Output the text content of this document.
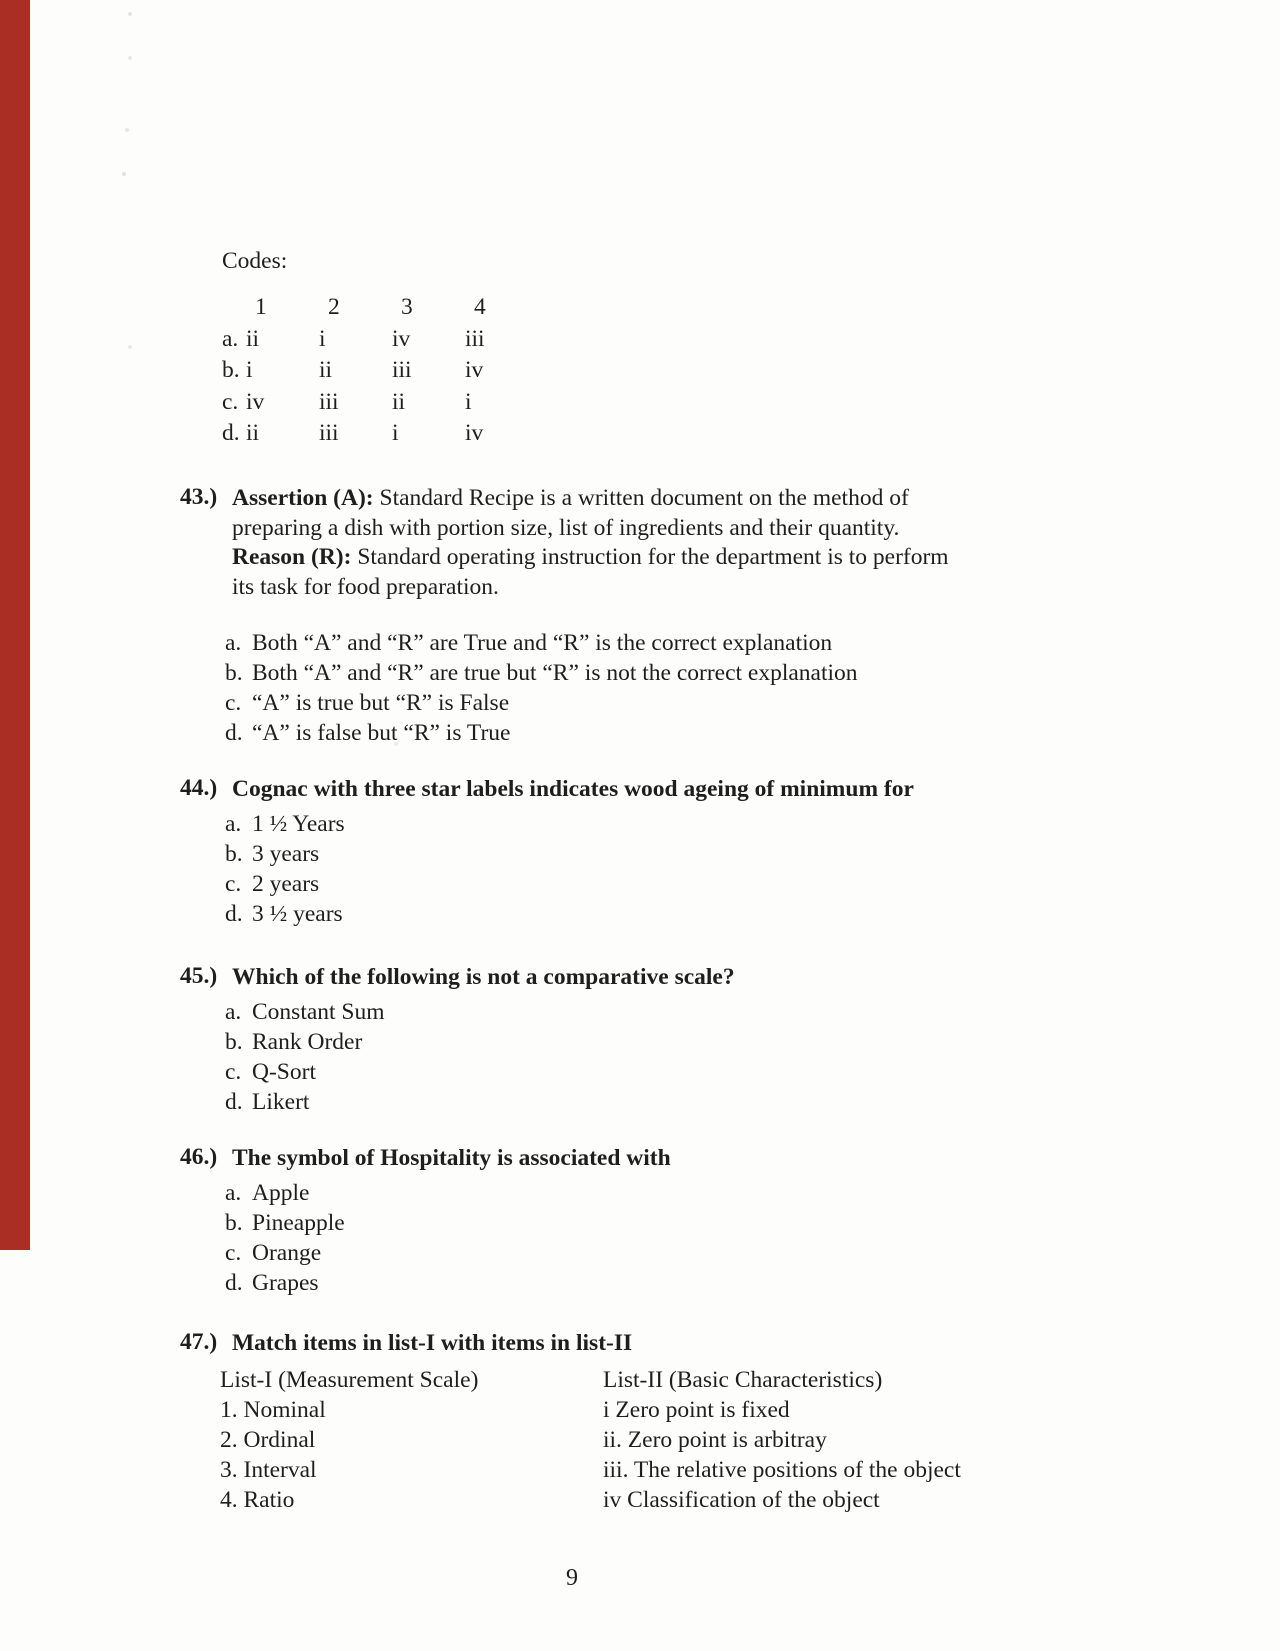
Codes:
1	2	3	4
a. ii	i	iv iii
b. i	ii	iii iv
c. iv iii ii	i
d. ii	iii i	iv
43.) Assertion (A): Standard Recipe is a written document on the method of
preparing a dish with portion size, list of ingredients and their quantity.
Reason (R): Standard operating instruction for the department is to perform
its task for food preparation.
a. Both “A” and “R” are True and “R” is the correct explanation
b. Both “A” and “R” are true but “R” is not the correct explanation
c. “A” is true but “R” is False
d. “A” is false but “R” is True
44.) Cognac with three star labels indicates wood ageing of minimum for
a. 1 ½ Years
b. 3 years
c. 2 years
d. 3 ½ years
45.) Which of the following is not a comparative scale?
a. Constant Sum
b. Rank Order
c. Q-Sort
d. Likert
46.) The symbol of Hospitality is associated with
a. Apple
b. Pineapple
c. Orange
d. Grapes
47.) Match items in list-I with items in list-II
List-I (Measurement Scale)	List-II (Basic Characteristics)
1. Nominal	i Zero point is fixed
2. Ordinal	ii. Zero point is arbitray
3. Interval	iii. The relative positions of the object
4. Ratio	iv Classification of the object
9
